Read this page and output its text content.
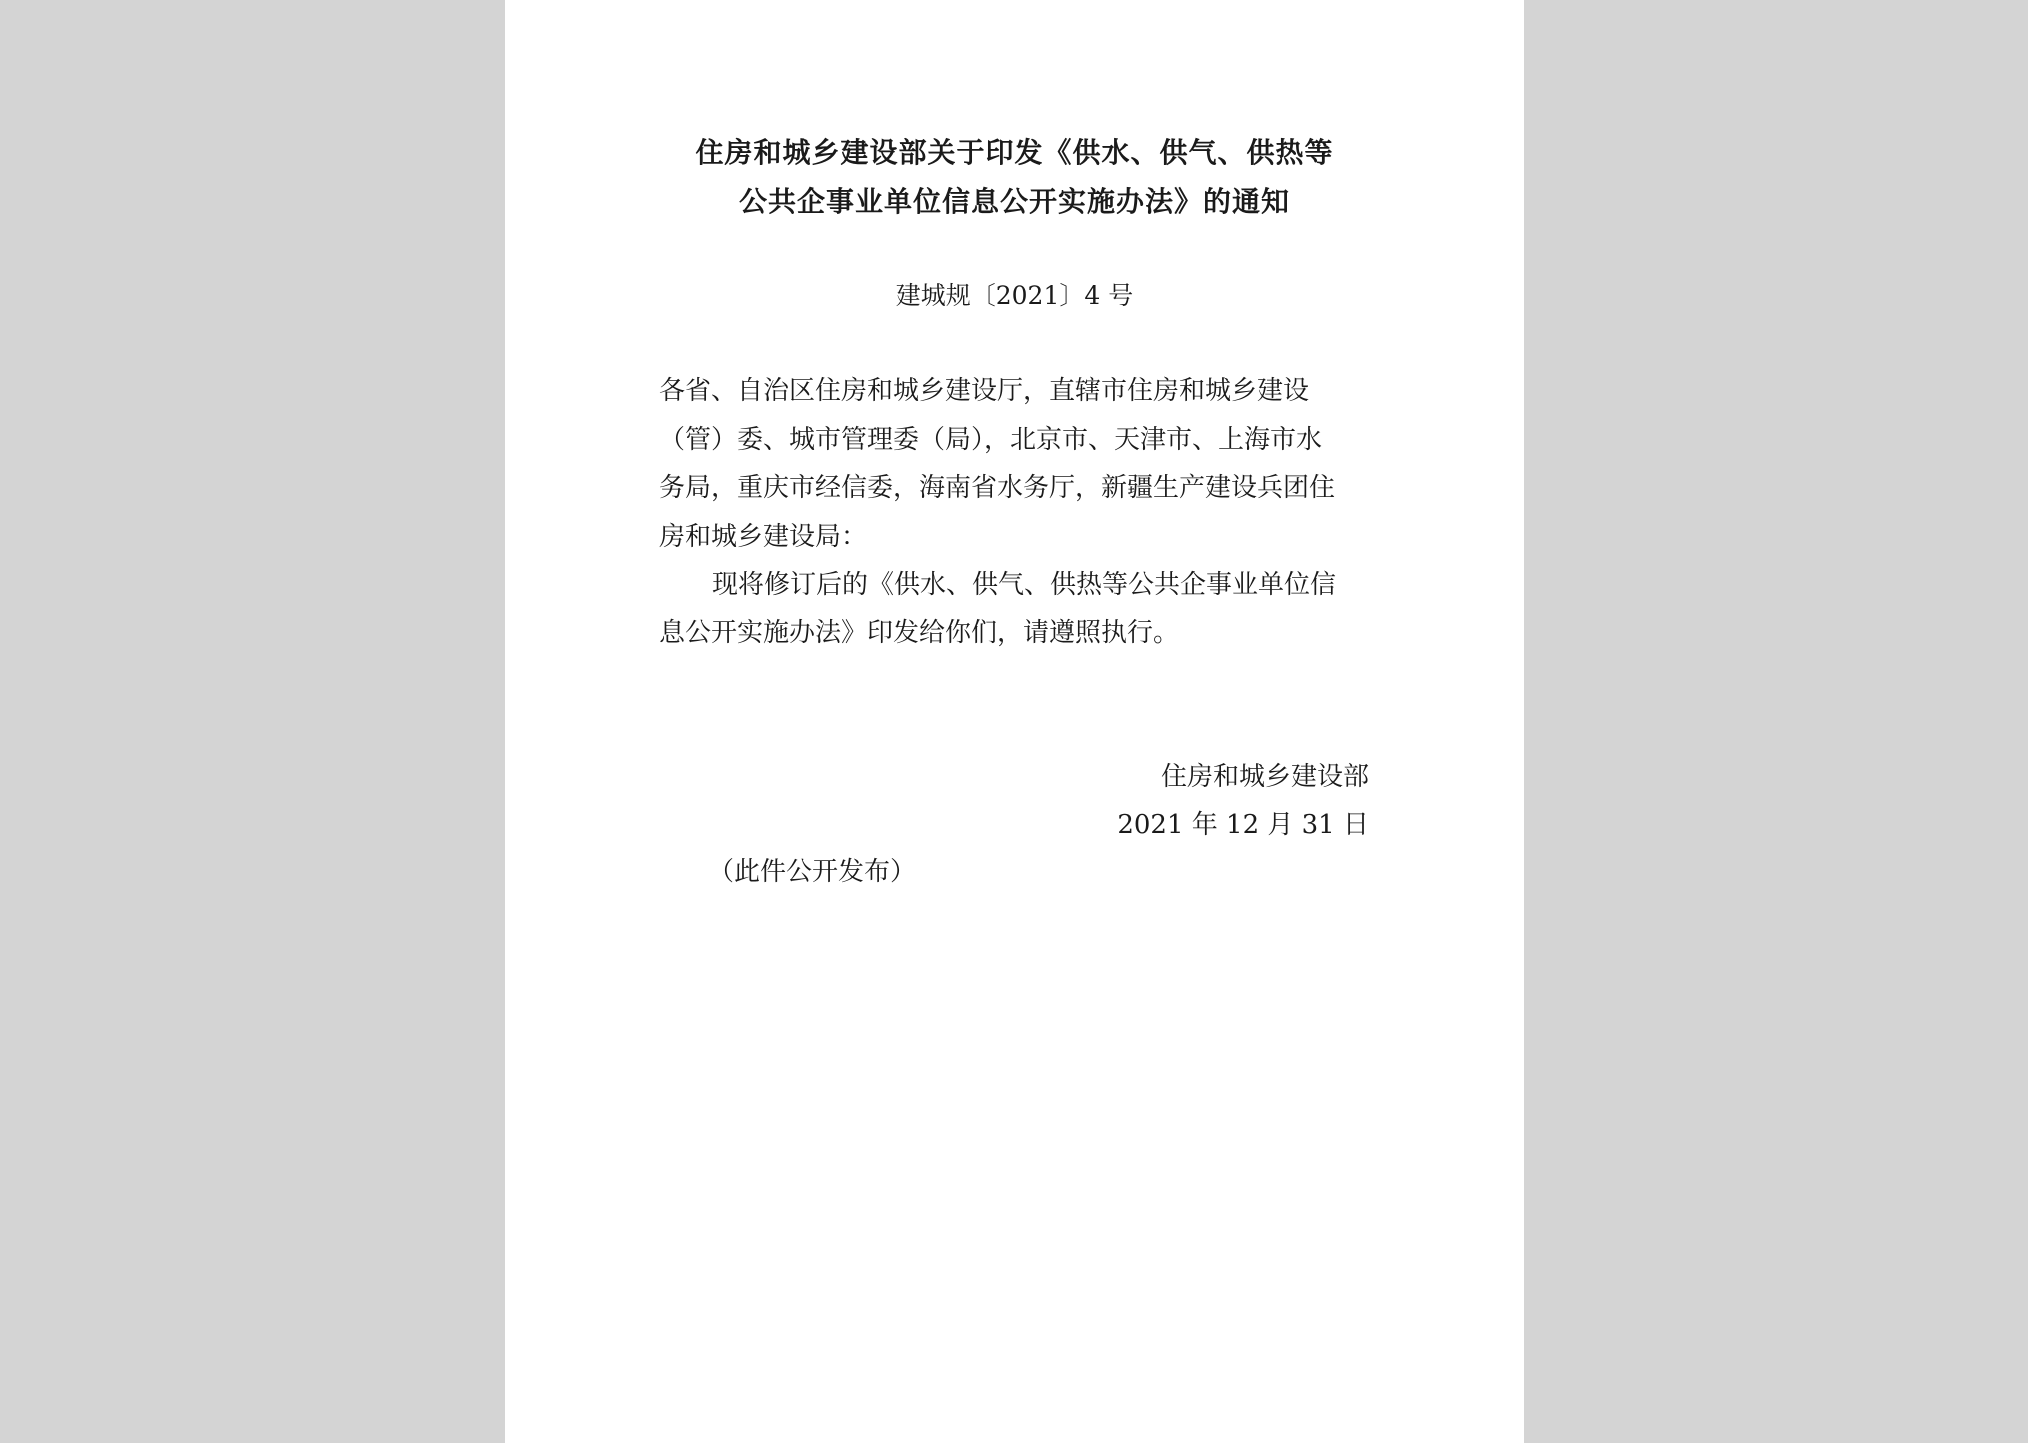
住房和城乡建设部关于印发《供水、供气、供热等
公共企事业单位信息公开实施办法》的通知
建城规〔2021〕4 号
各省、自治区住房和城乡建设厅，直辖市住房和城乡建设
（管）委、城市管理委（局），北京市、天津市、上海市水
务局，重庆市经信委，海南省水务厅，新疆生产建设兵团住
房和城乡建设局：
现将修订后的《供水、供气、供热等公共企事业单位信
息公开实施办法》印发给你们，请遵照执行。
住房和城乡建设部
2021 年 12 月 31 日
（此件公开发布）
